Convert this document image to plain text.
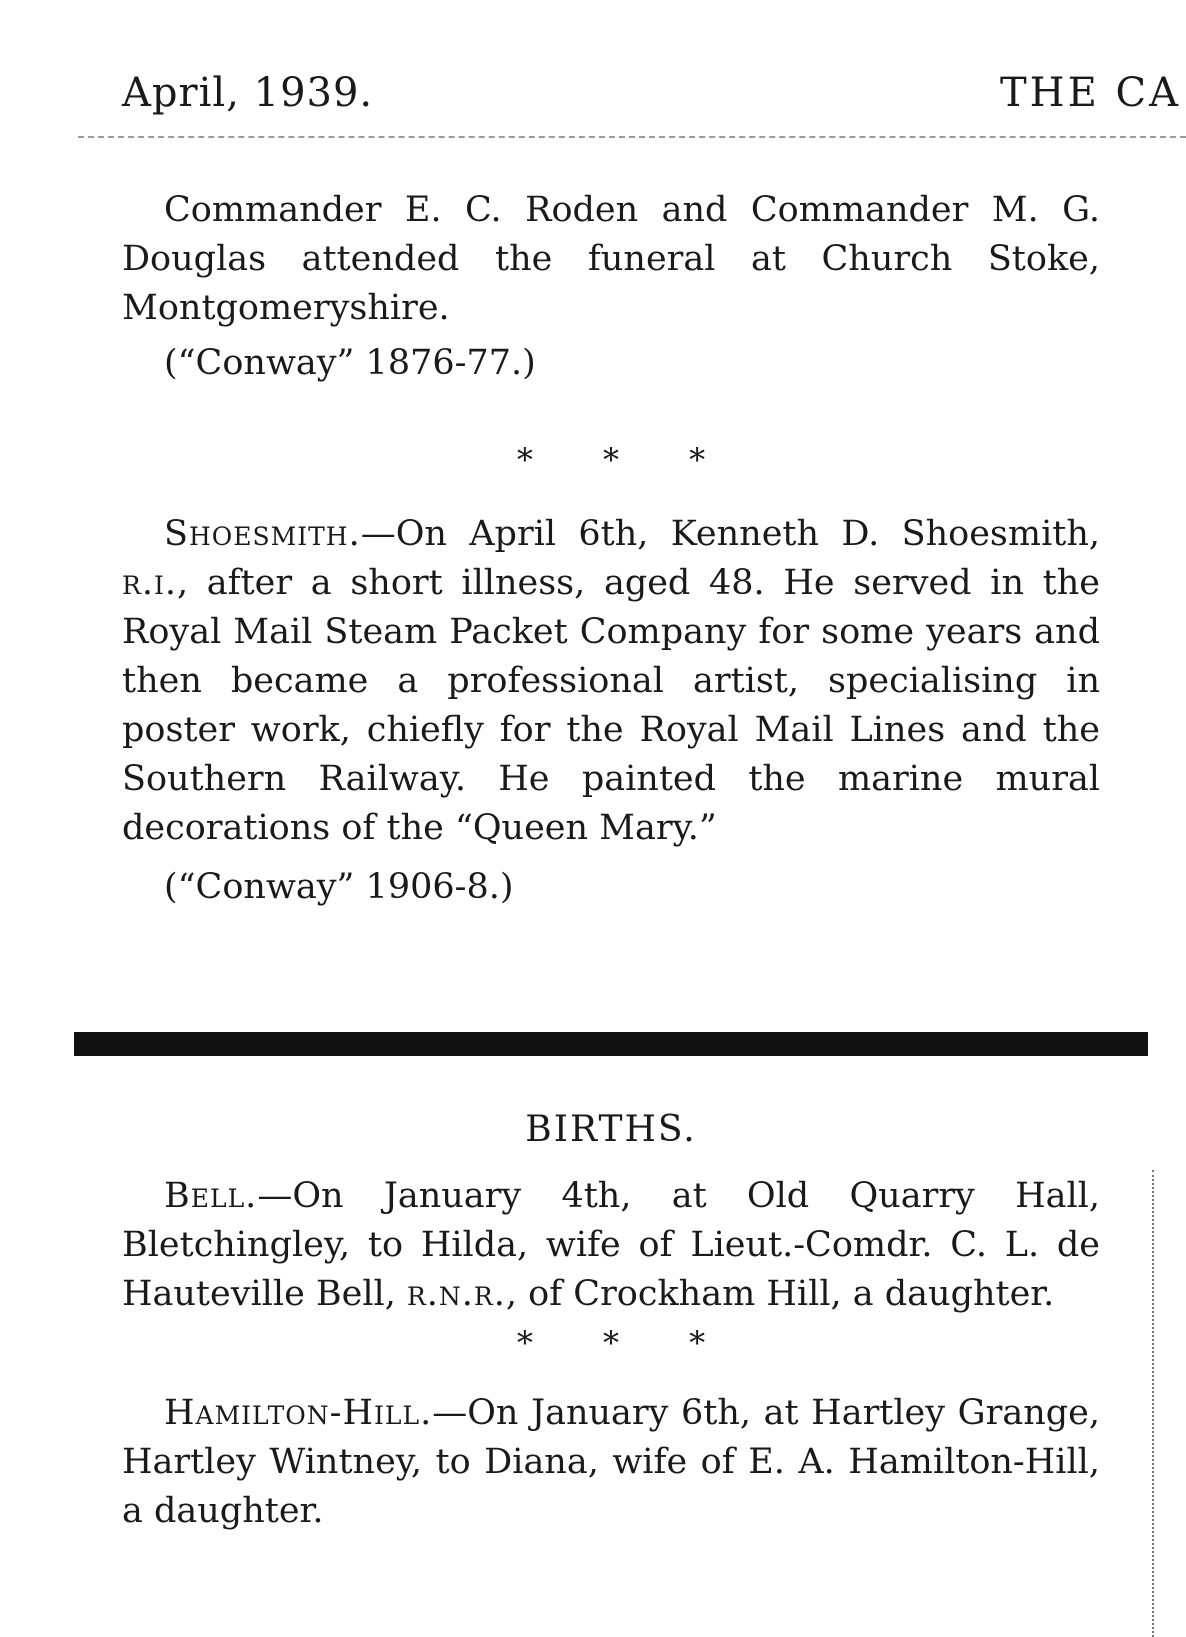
April, 1939.	THE CA

Commander E. C. Roden and Commander M. G. Douglas attended the funeral at Church Stoke, Montgomeryshire.

(“Conway” 1876-77.)

* * *

Shoesmith.—On April 6th, Kenneth D. Shoesmith, r.i., after a short illness, aged 48. He served in the Royal Mail Steam Packet Company for some years and then became a professional artist, specialising in poster work, chiefly for the Royal Mail Lines and the Southern Railway. He painted the marine mural decorations of the “Queen Mary.”

(“Conway” 1906-8.)

BIRTHS.

Bell.—On January 4th, at Old Quarry Hall, Bletchingley, to Hilda, wife of Lieut.-Comdr. C. L. de Hauteville Bell, r.n.r., of Crockham Hill, a daughter.

* * *

Hamilton-Hill.—On January 6th, at Hartley Grange, Hartley Wintney, to Diana, wife of E. A. Hamilton-Hill, a daughter.
